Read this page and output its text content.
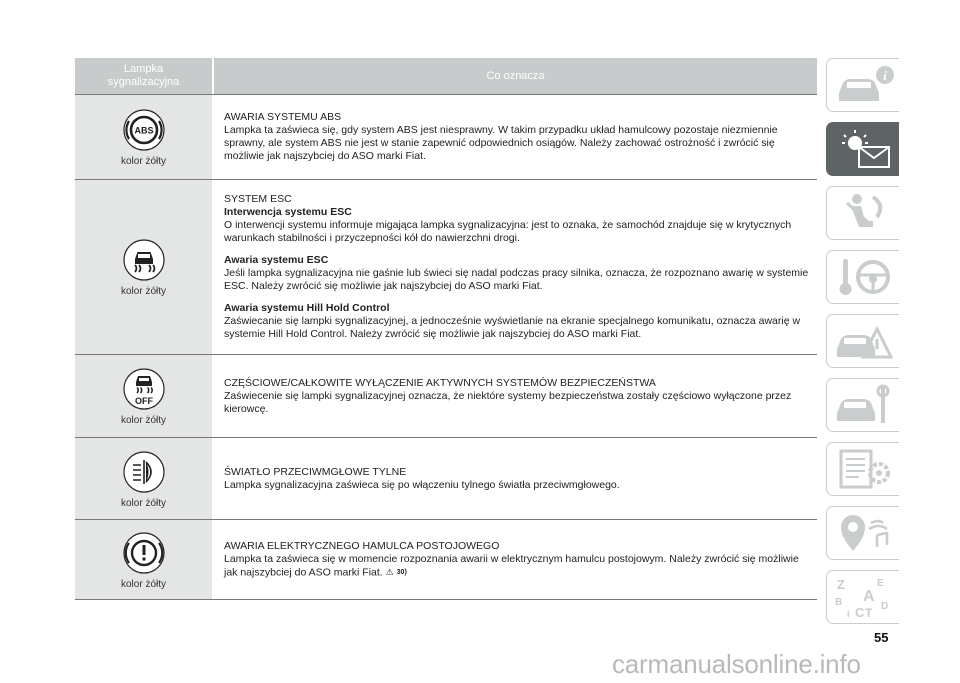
Lampka
sygnalizacyjna	Co oznacza
ABS
kolor żółty
AWARIA SYSTEMU ABS
Lampka ta zaświeca się, gdy system ABS jest niesprawny. W takim przypadku układ hamulcowy pozostaje niezmiennie sprawny, ale system ABS nie jest w stanie zapewnić odpowiednich osiągów. Należy zachować ostrożność i zwrócić się możliwie jak najszybciej do ASO marki Fiat.
kolor żółty
SYSTEM ESC
Interwencja systemu ESC
O interwencji systemu informuje migająca lampka sygnalizacyjna: jest to oznaka, że samochód znajduje się w krytycznych warunkach stabilności i przyczepności kół do nawierzchni drogi.
Awaria systemu ESC
Jeśli lampka sygnalizacyjna nie gaśnie lub świeci się nadal podczas pracy silnika, oznacza, że rozpoznano awarię w systemie ESC. Należy zwrócić się możliwie jak najszybciej do ASO marki Fiat.
Awaria systemu Hill Hold Control
Zaświecanie się lampki sygnalizacyjnej, a jednocześnie wyświetlanie na ekranie specjalnego komunikatu, oznacza awarię w systemie Hill Hold Control. Należy zwrócić się możliwie jak najszybciej do ASO marki Fiat.
OFF
kolor żółty
CZĘŚCIOWE/CAŁKOWITE WYŁĄCZENIE AKTYWNYCH SYSTEMÓW BEZPIECZEŃSTWA
Zaświecenie się lampki sygnalizacyjnej oznacza, że niektóre systemy bezpieczeństwa zostały częściowo wyłączone przez kierowcę.
kolor żółty
ŚWIATŁO PRZECIWMGŁOWE TYLNE
Lampka sygnalizacyjna zaświeca się po włączeniu tylnego światła przeciwmgłowego.
kolor żółty
AWARIA ELEKTRYCZNEGO HAMULCA POSTOJOWEGO
Lampka ta zaświeca się w momencie rozpoznania awarii w elektrycznym hamulcu postojowym. Należy zwrócić się możliwie jak najszybciej do ASO marki Fiat. ⚠ 30)
i
Z	E
A
B
C T D
I
55
carmanualsonline.info
